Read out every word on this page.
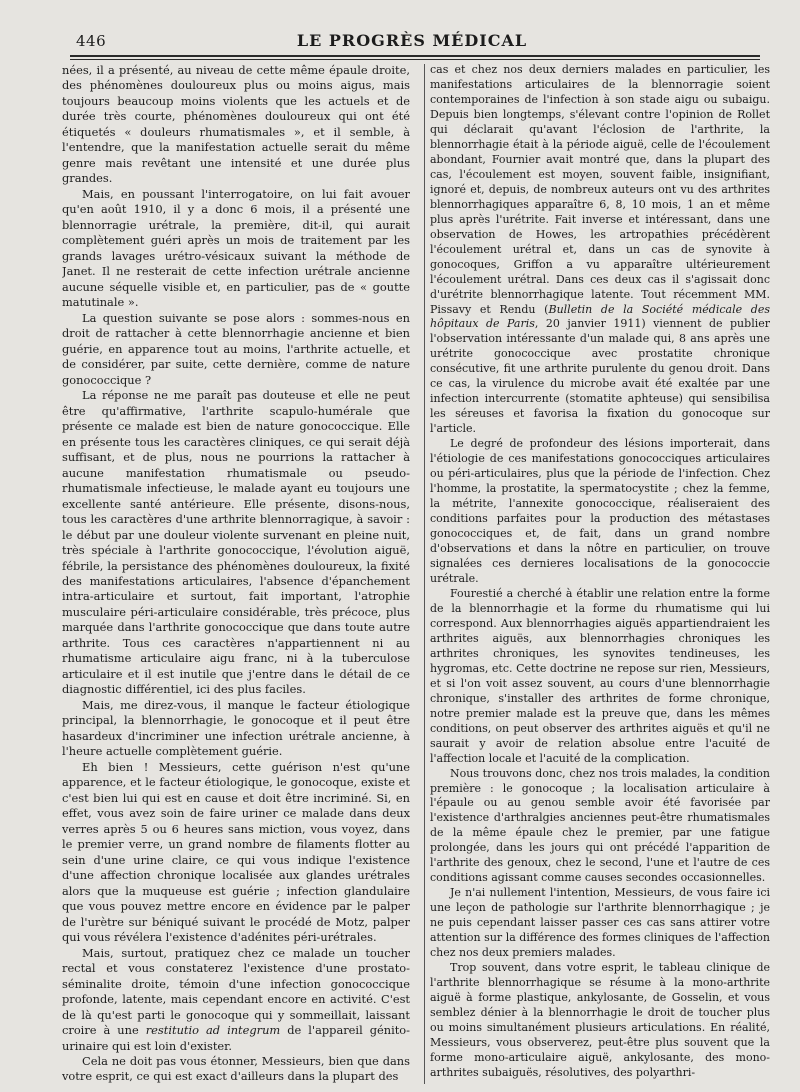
446	LE PROGRÈS MÉDICAL

nées, il a présenté, au niveau de cette même épaule droite, des phénomènes douloureux plus ou moins aigus, mais toujours beaucoup moins violents que les actuels et de durée très courte, phénomènes douloureux qui ont été étiquetés « douleurs rhumatismales », et il semble, à l'entendre, que la manifestation actuelle serait du même genre mais revêtant une intensité et une durée plus grandes.

Mais, en poussant l'interrogatoire, on lui fait avouer qu'en août 1910, il y a donc 6 mois, il a présenté une blennorragie urétrale, la première, dit-il, qui aurait complètement guéri après un mois de traitement par les grands lavages urétro-vésicaux suivant la méthode de Janet. Il ne resterait de cette infection urétrale ancienne aucune séquelle visible et, en particulier, pas de « goutte matutinale ».

La question suivante se pose alors : sommes-nous en droit de rattacher à cette blennorrhagie ancienne et bien guérie, en apparence tout au moins, l'arthrite actuelle, et de considérer, par suite, cette dernière, comme de nature gonococcique ?

La réponse ne me paraît pas douteuse et elle ne peut être qu'affirmative, l'arthrite scapulo-humérale que présente ce malade est bien de nature gonococcique. Elle en présente tous les caractères cliniques, ce qui serait déjà suffisant, et de plus, nous ne pourrions la rattacher à aucune manifestation rhumatismale ou pseudo-rhumatismale infectieuse, le malade ayant eu toujours une excellente santé antérieure. Elle présente, disons-nous, tous les caractères d'une arthrite blennorragique, à savoir : le début par une douleur violente survenant en pleine nuit, très spéciale à l'arthrite gonococcique, l'évolution aiguë, fébrile, la persistance des phénomènes douloureux, la fixité des manifestations articulaires, l'absence d'épanchement intra-articulaire et surtout, fait important, l'atrophie musculaire péri-articulaire considérable, très précoce, plus marquée dans l'arthrite gonococcique que dans toute autre arthrite. Tous ces caractères n'appartiennent ni au rhumatisme articulaire aigu franc, ni à la tuberculose articulaire et il est inutile que j'entre dans le détail de ce diagnostic différentiel, ici des plus faciles.

Mais, me direz-vous, il manque le facteur étiologique principal, la blennorrhagie, le gonocoque et il peut être hasardeux d'incriminer une infection urétrale ancienne, à l'heure actuelle complètement guérie.

Eh bien ! Messieurs, cette guérison n'est qu'une apparence, et le facteur étiologique, le gonocoque, existe et c'est bien lui qui est en cause et doit être incriminé. Si, en effet, vous avez soin de faire uriner ce malade dans deux verres après 5 ou 6 heures sans miction, vous voyez, dans le premier verre, un grand nombre de filaments flotter au sein d'une urine claire, ce qui vous indique l'existence d'une affection chronique localisée aux glandes urétrales alors que la muqueuse est guérie ; infection glandulaire que vous pouvez mettre encore en évidence par le palper de l'urètre sur béniqué suivant le procédé de Motz, palper qui vous révélera l'existence d'adénites péri-urétrales.

Mais, surtout, pratiquez chez ce malade un toucher rectal et vous constaterez l'existence d'une prostato-séminalite droite, témoin d'une infection gonococcique profonde, latente, mais cependant encore en activité. C'est de là qu'est parti le gonocoque qui y sommeillait, laissant croire à une restitutio ad integrum de l'appareil génito-urinaire qui est loin d'exister.

Cela ne doit pas vous étonner, Messieurs, bien que dans votre esprit, ce qui est exact d'ailleurs dans la plupart des

cas et chez nos deux derniers malades en particulier, les manifestations articulaires de la blennorragie soient contemporaines de l'infection à son stade aigu ou subaigu. Depuis bien longtemps, s'élevant contre l'opinion de Rollet qui déclarait qu'avant l'éclosion de l'arthrite, la blennorrhagie était à la période aiguë, celle de l'écoulement abondant, Fournier avait montré que, dans la plupart des cas, l'écoulement est moyen, souvent faible, insignifiant, ignoré et, depuis, de nombreux auteurs ont vu des arthrites blennorrhagiques apparaître 6, 8, 10 mois, 1 an et même plus après l'urétrite. Fait inverse et intéressant, dans une observation de Howes, les artropathies précédèrent l'écoulement urétral et, dans un cas de synovite à gonocoques, Griffon a vu apparaître ultérieurement l'écoulement urétral. Dans ces deux cas il s'agissait donc d'urétrite blennorrhagique latente. Tout récemment MM. Pissavy et Rendu (Bulletin de la Société médicale des hôpitaux de Paris, 20 janvier 1911) viennent de publier l'observation intéressante d'un malade qui, 8 ans après une urétrite gonococcique avec prostatite chronique consécutive, fit une arthrite purulente du genou droit. Dans ce cas, la virulence du microbe avait été exaltée par une infection intercurrente (stomatite aphteuse) qui sensibilisa les séreuses et favorisa la fixation du gonocoque sur l'article.

Le degré de profondeur des lésions importerait, dans l'étiologie de ces manifestations gonococciques articulaires ou péri-articulaires, plus que la période de l'infection. Chez l'homme, la prostatite, la spermatocystite ; chez la femme, la métrite, l'annexite gonococcique, réaliseraient des conditions parfaites pour la production des métastases gonococciques et, de fait, dans un grand nombre d'observations et dans la nôtre en particulier, on trouve signalées ces dernieres localisations de la gonococcie urétrale.

Fourestié a cherché à établir une relation entre la forme de la blennorrhagie et la forme du rhumatisme qui lui correspond. Aux blennorrhagies aiguës appartiendraient les arthrites aiguës, aux blennorrhagies chroniques les arthrites chroniques, les synovites tendineuses, les hygromas, etc. Cette doctrine ne repose sur rien, Messieurs, et si l'on voit assez souvent, au cours d'une blennorrhagie chronique, s'installer des arthrites de forme chronique, notre premier malade est la preuve que, dans les mêmes conditions, on peut observer des arthrites aiguës et qu'il ne saurait y avoir de relation absolue entre l'acuité de l'affection locale et l'acuité de la complication.

Nous trouvons donc, chez nos trois malades, la condition première : le gonocoque ; la localisation articulaire à l'épaule ou au genou semble avoir été favorisée par l'existence d'arthralgies anciennes peut-être rhumatismales de la même épaule chez le premier, par une fatigue prolongée, dans les jours qui ont précédé l'apparition de l'arthrite des genoux, chez le second, l'une et l'autre de ces conditions agissant comme causes secondes occasionnelles.

Je n'ai nullement l'intention, Messieurs, de vous faire ici une leçon de pathologie sur l'arthrite blennorrhagique ; je ne puis cependant laisser passer ces cas sans attirer votre attention sur la différence des formes cliniques de l'affection chez nos deux premiers malades.

Trop souvent, dans votre esprit, le tableau clinique de l'arthrite blennorrhagique se résume à la mono-arthrite aiguë à forme plastique, ankylosante, de Gosselin, et vous semblez dénier à la blennorrhagie le droit de toucher plus ou moins simultanément plusieurs articulations. En réalité, Messieurs, vous observerez, peut-être plus souvent que la forme mono-articulaire aiguë, ankylosante, des mono-arthrites subaiguës, résolutives, des polyarthri-
